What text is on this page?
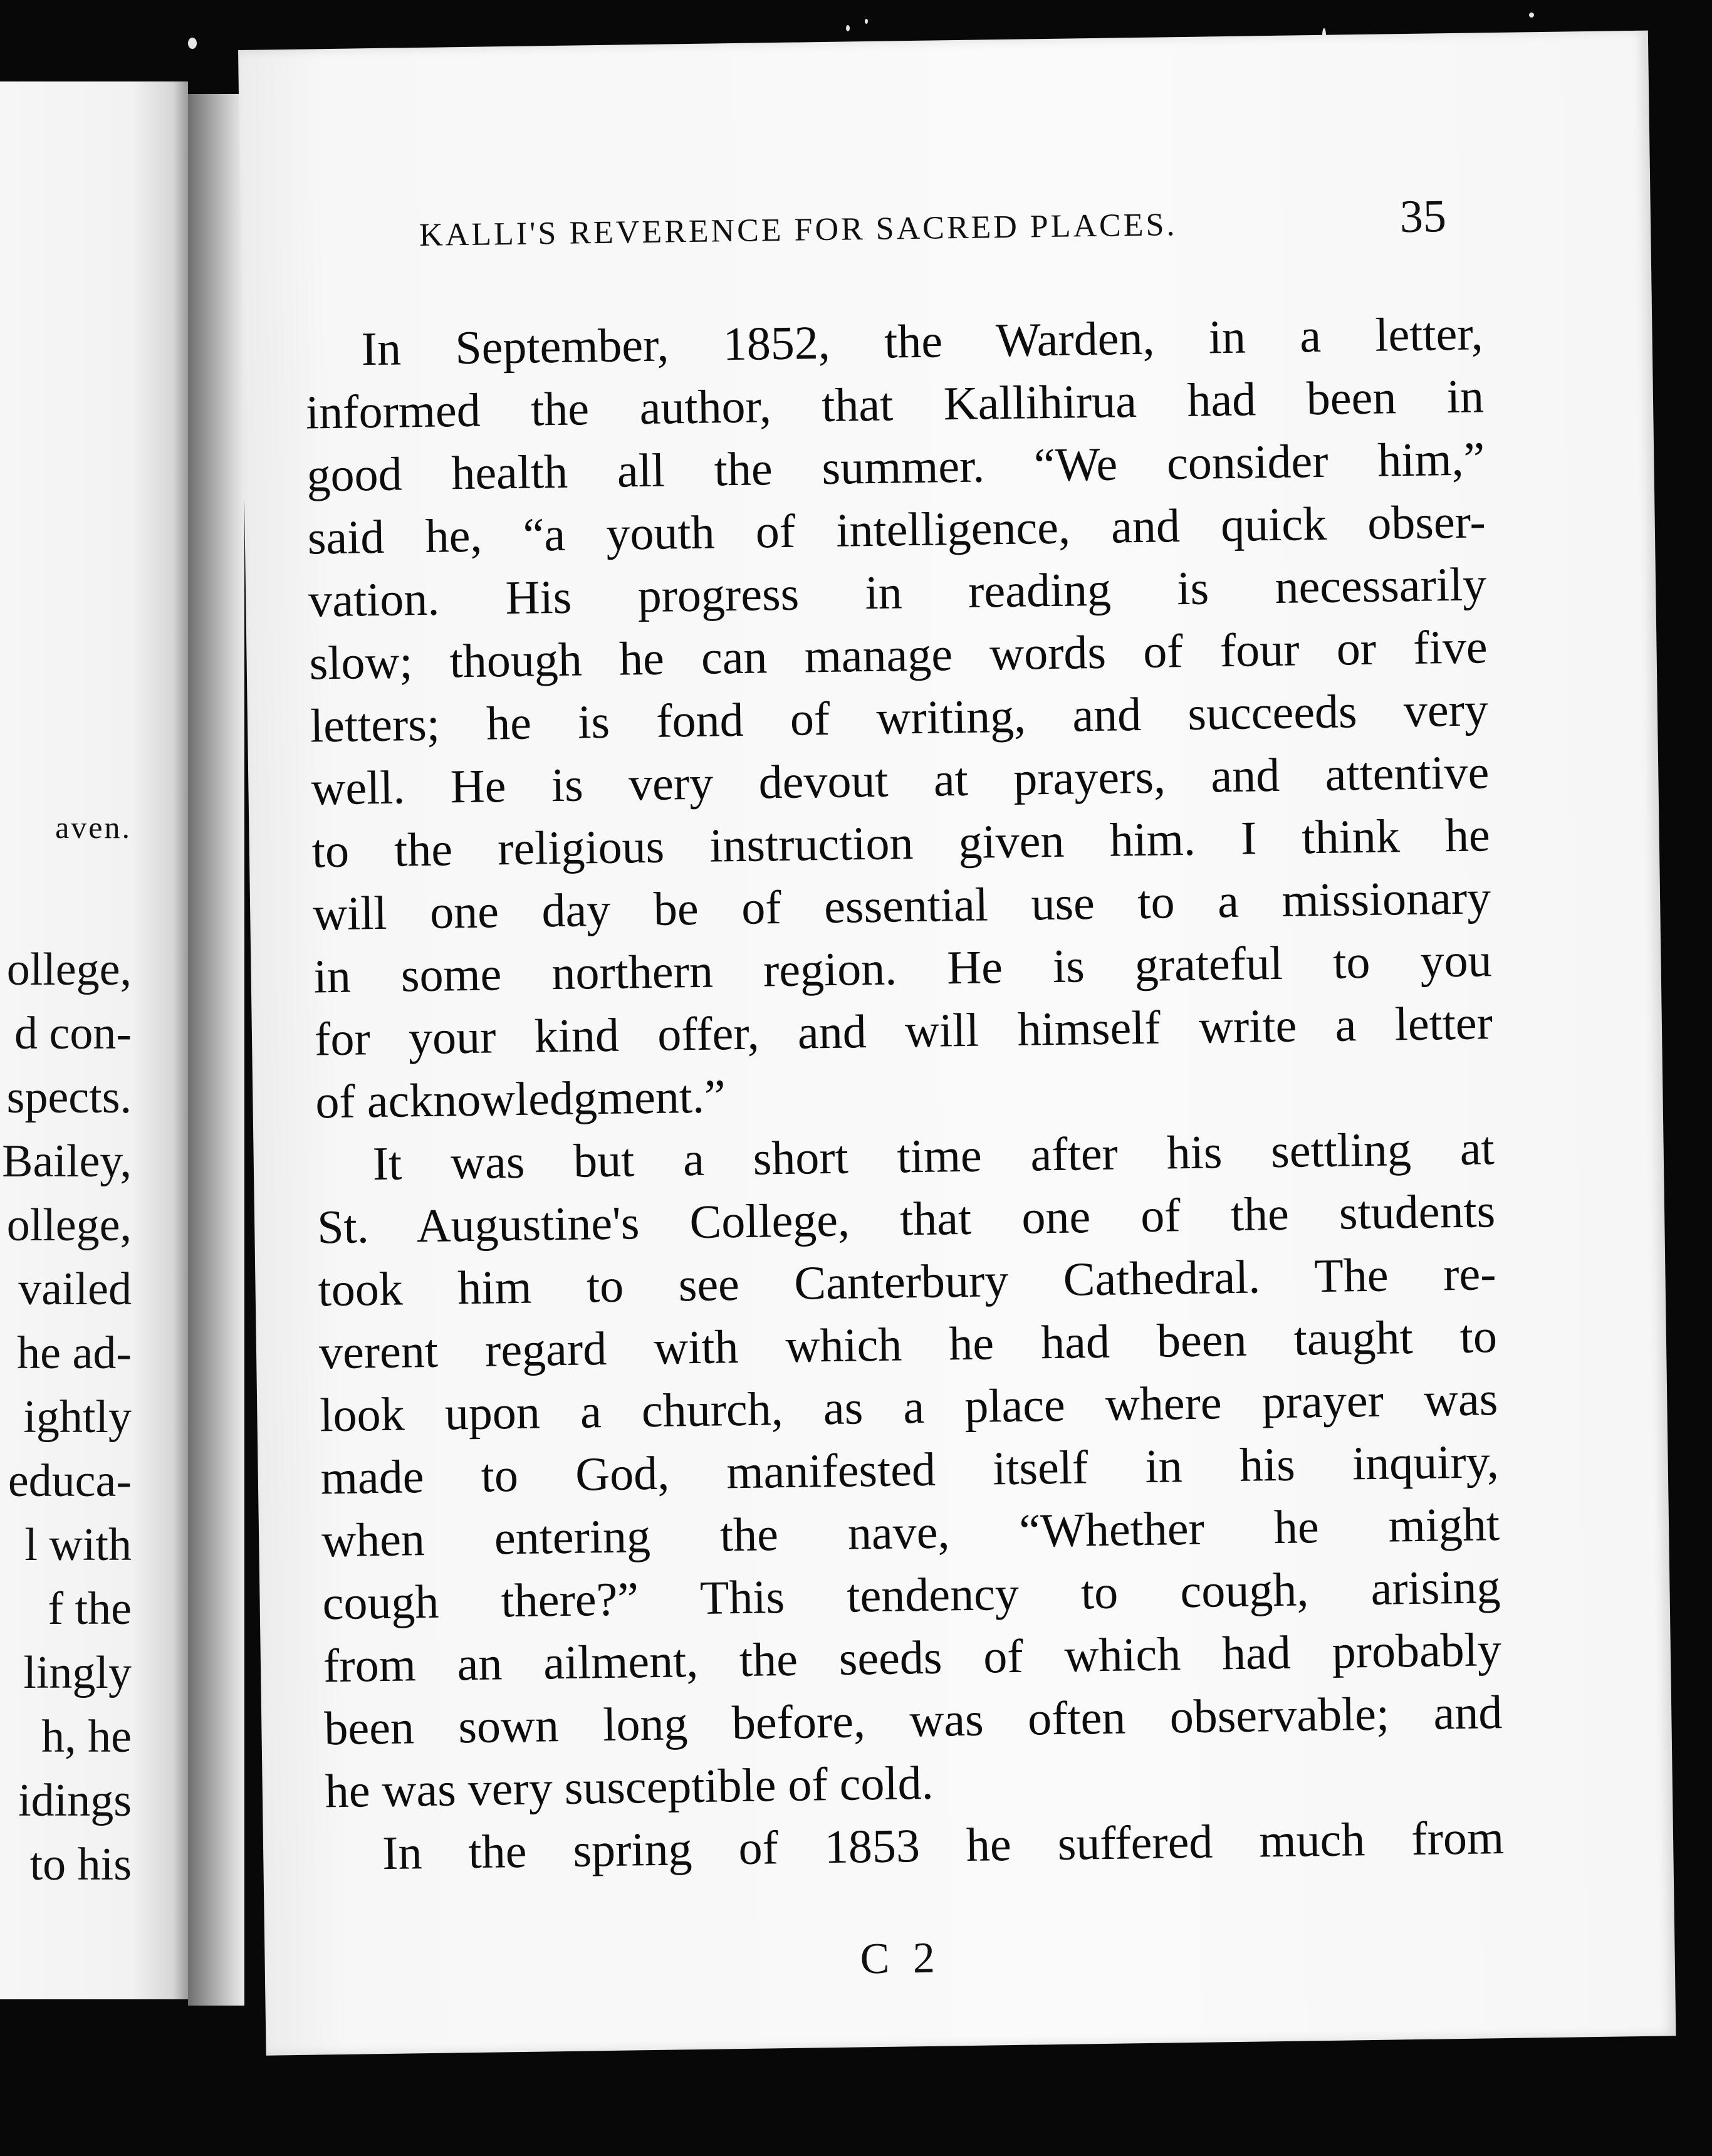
aven.
ollege,
d con-
spects.
Bailey,
ollege,
vailed
he ad-
ightly
educa-
l with
f the
lingly
h, he
idings
to his
KALLI'S REVERENCE FOR SACRED PLACES.	35
In September, 1852, the Warden, in a letter,
informed the author, that Kallihirua had been in
good health all the summer. “We consider him,”
said he, “a youth of intelligence, and quick obser-
vation. His progress in reading is necessarily
slow; though he can manage words of four or five
letters; he is fond of writing, and succeeds very
well. He is very devout at prayers, and attentive
to the religious instruction given him. I think he
will one day be of essential use to a missionary
in some northern region. He is grateful to you
for your kind offer, and will himself write a letter
of acknowledgment.”
It was but a short time after his settling at
St. Augustine's College, that one of the students
took him to see Canterbury Cathedral. The re-
verent regard with which he had been taught to
look upon a church, as a place where prayer was
made to God, manifested itself in his inquiry,
when entering the nave, “Whether he might
cough there?” This tendency to cough, arising
from an ailment, the seeds of which had probably
been sown long before, was often observable; and
he was very susceptible of cold.
In the spring of 1853 he suffered much from
C 2
